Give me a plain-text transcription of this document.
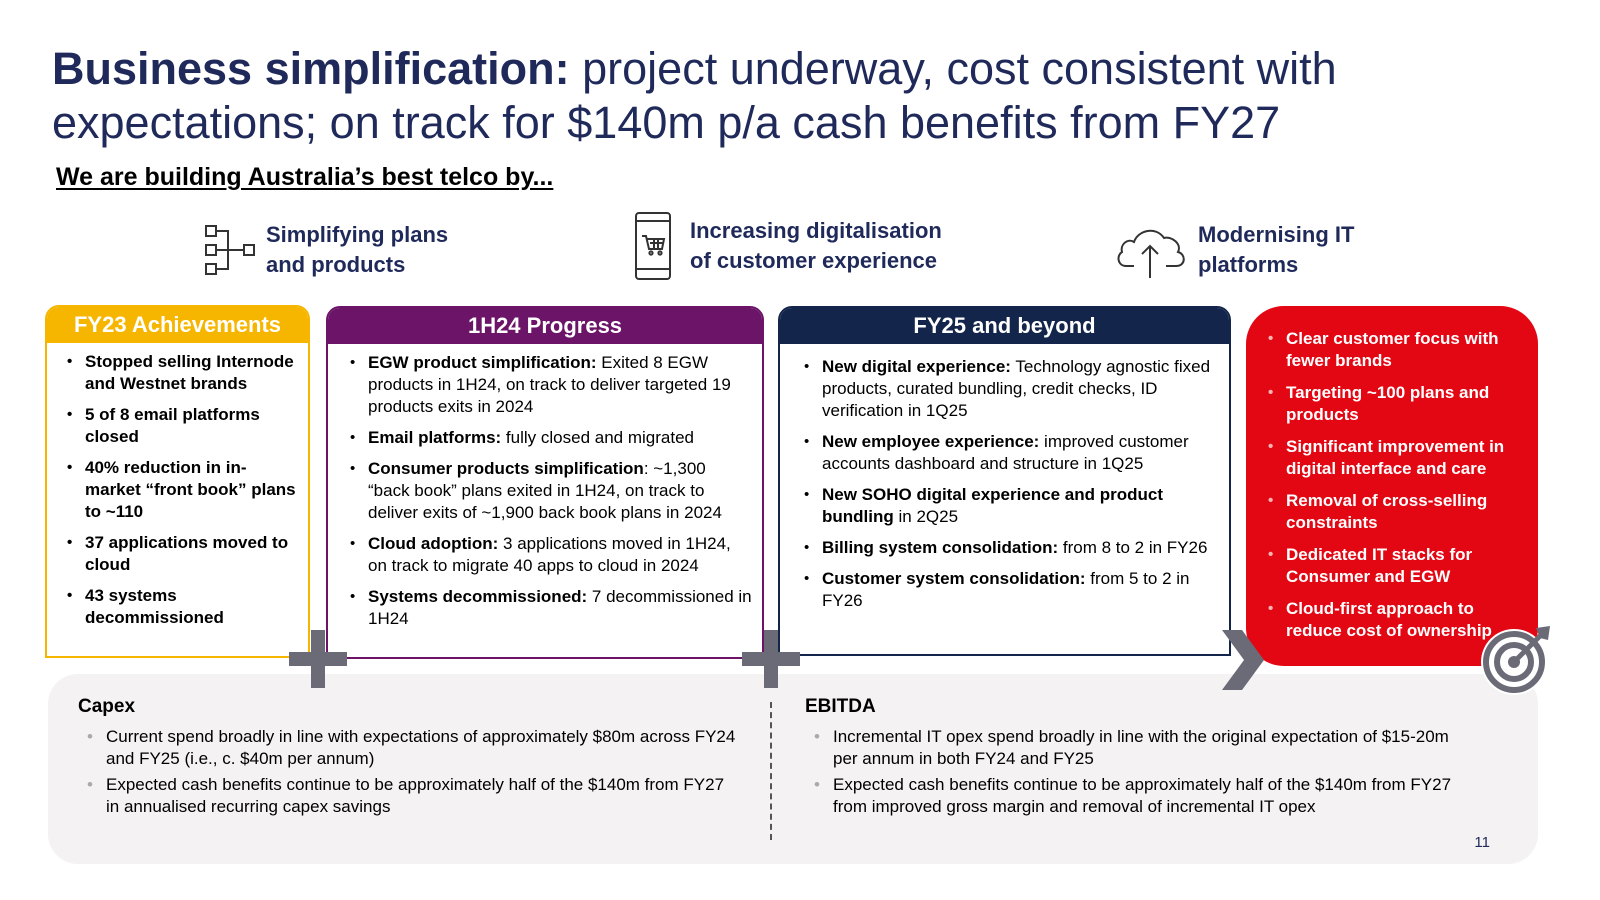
Business simplification: project underway, cost consistent with expectations; on track for $140m p/a cash benefits from FY27
We are building Australia’s best telco by...
Simplifying plans
and products
Increasing digitalisation
of customer experience
Modernising IT
platforms
FY23 Achievements
• Stopped selling Internode and Westnet brands
• 5 of 8 email platforms closed
• 40% reduction in in-market “front book” plans to ~110
• 37 applications moved to cloud
• 43 systems decommissioned
1H24 Progress
• EGW product simplification: Exited 8 EGW products in 1H24, on track to deliver targeted 19 products exits in 2024
• Email platforms: fully closed and migrated
• Consumer products simplification: ~1,300 “back book” plans exited in 1H24, on track to deliver exits of ~1,900 back book plans in 2024
• Cloud adoption: 3 applications moved in 1H24, on track to migrate 40 apps to cloud in 2024
• Systems decommissioned: 7 decommissioned in 1H24
FY25 and beyond
• New digital experience: Technology agnostic fixed products, curated bundling, credit checks, ID verification in 1Q25
• New employee experience: improved customer accounts dashboard and structure in 1Q25
• New SOHO digital experience and product bundling in 2Q25
• Billing system consolidation: from 8 to 2 in FY26
• Customer system consolidation: from 5 to 2 in FY26
• Clear customer focus with fewer brands
• Targeting ~100 plans and products
• Significant improvement in digital interface and care
• Removal of cross-selling constraints
• Dedicated IT stacks for Consumer and EGW
• Cloud-first approach to reduce cost of ownership
Capex
• Current spend broadly in line with expectations of approximately $80m across FY24 and FY25 (i.e., c. $40m per annum)
• Expected cash benefits continue to be approximately half of the $140m from FY27 in annualised recurring capex savings
EBITDA
• Incremental IT opex spend broadly in line with the original expectation of $15-20m per annum in both FY24 and FY25
• Expected cash benefits continue to be approximately half of the $140m from FY27 from improved gross margin and removal of incremental IT opex
11
